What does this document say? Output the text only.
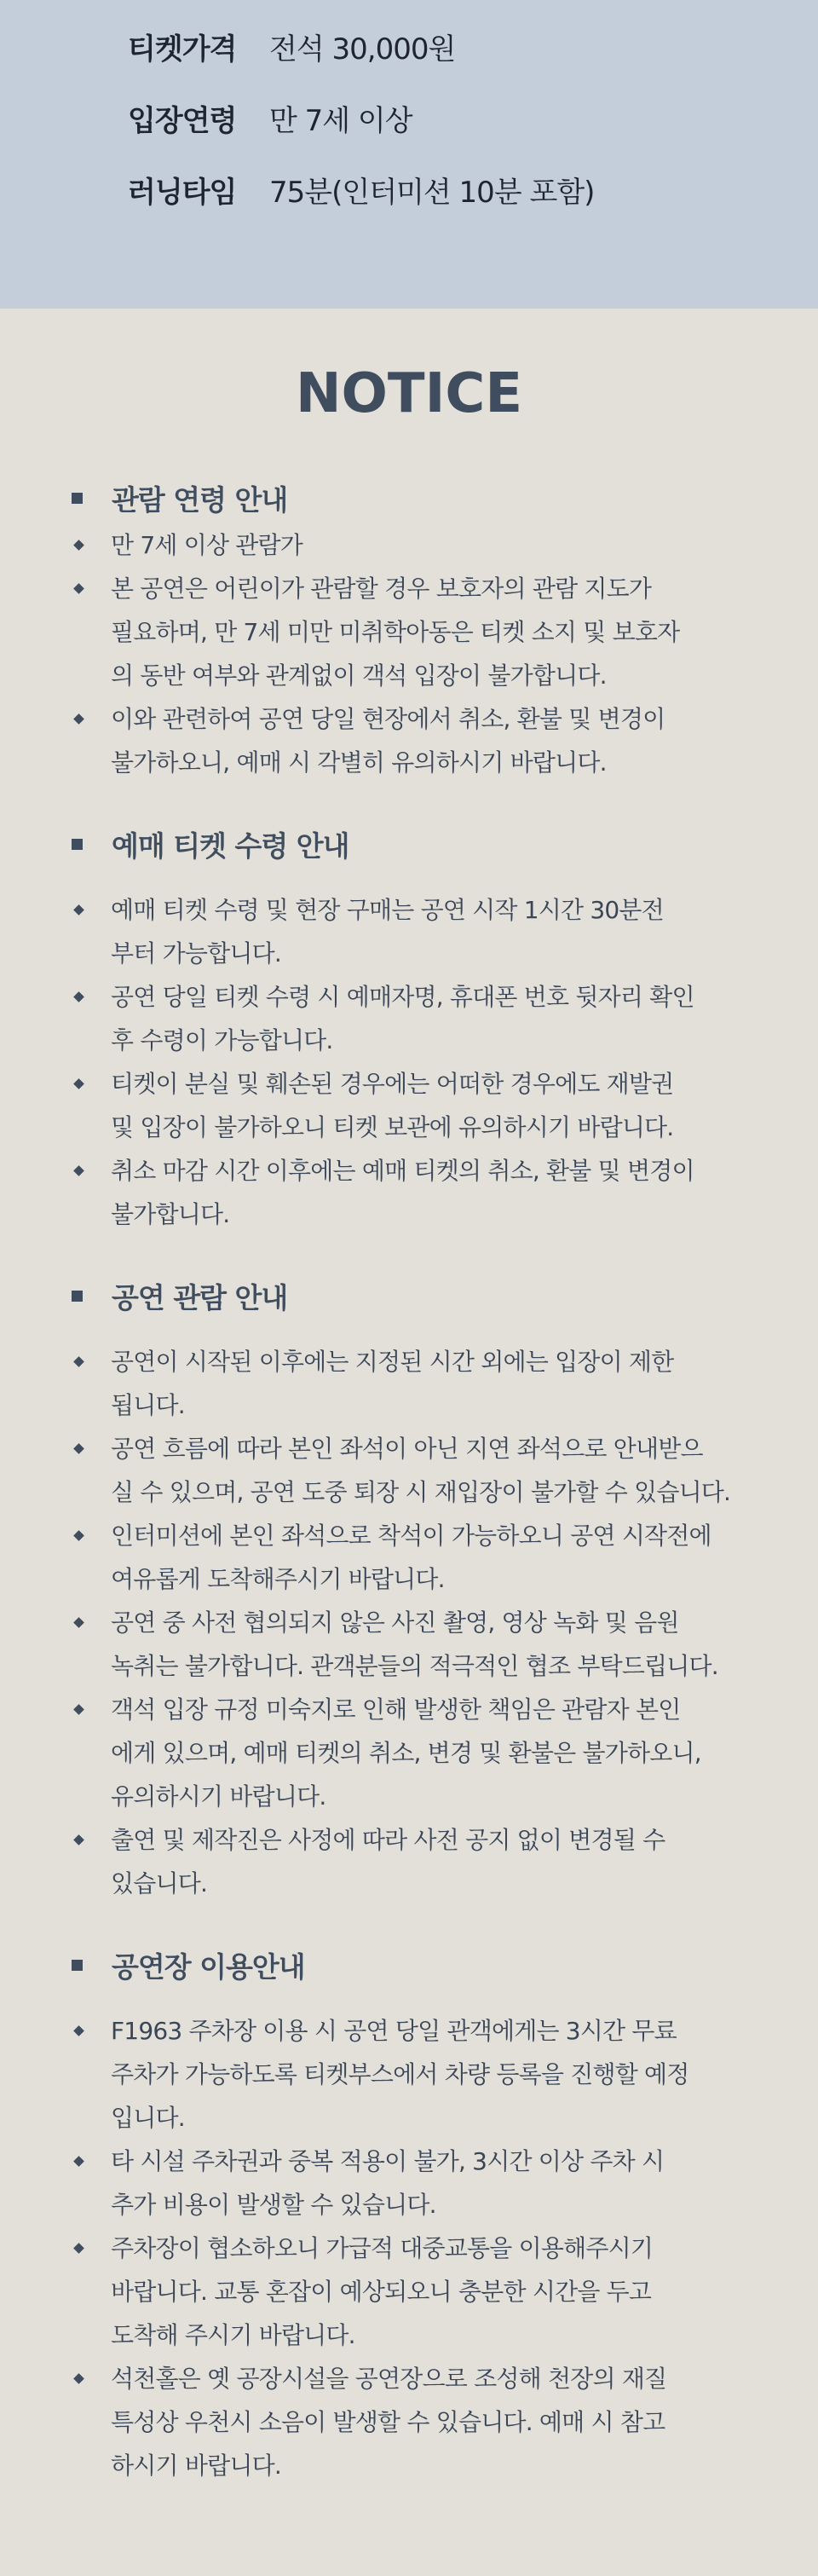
티켓가격	전석 30,000원
입장연령	만 7세 이상
러닝타임	75분(인터미션 10분 포함)
NOTICE
관람 연령 안내
만 7세 이상 관람가
본 공연은 어린이가 관람할 경우 보호자의 관람 지도가
필요하며, 만 7세 미만 미취학아동은 티켓 소지 및 보호자
의 동반 여부와 관계없이 객석 입장이 불가합니다.
이와 관련하여 공연 당일 현장에서 취소, 환불 및 변경이
불가하오니, 예매 시 각별히 유의하시기 바랍니다.
예매 티켓 수령 안내
예매 티켓 수령 및 현장 구매는 공연 시작 1시간 30분전
부터 가능합니다.
공연 당일 티켓 수령 시 예매자명, 휴대폰 번호 뒷자리 확인
후 수령이 가능합니다.
티켓이 분실 및 훼손된 경우에는 어떠한 경우에도 재발권
및 입장이 불가하오니 티켓 보관에 유의하시기 바랍니다.
취소 마감 시간 이후에는 예매 티켓의 취소, 환불 및 변경이
불가합니다.
공연 관람 안내
공연이 시작된 이후에는 지정된 시간 외에는 입장이 제한
됩니다.
공연 흐름에 따라 본인 좌석이 아닌 지연 좌석으로 안내받으
실 수 있으며, 공연 도중 퇴장 시 재입장이 불가할 수 있습니다.
인터미션에 본인 좌석으로 착석이 가능하오니 공연 시작전에
여유롭게 도착해주시기 바랍니다.
공연 중 사전 협의되지 않은 사진 촬영, 영상 녹화 및 음원
녹취는 불가합니다. 관객분들의 적극적인 협조 부탁드립니다.
객석 입장 규정 미숙지로 인해 발생한 책임은 관람자 본인
에게 있으며, 예매 티켓의 취소, 변경 및 환불은 불가하오니,
유의하시기 바랍니다.
출연 및 제작진은 사정에 따라 사전 공지 없이 변경될 수
있습니다.
공연장 이용안내
F1963 주차장 이용 시 공연 당일 관객에게는 3시간 무료
주차가 가능하도록 티켓부스에서 차량 등록을 진행할 예정
입니다.
타 시설 주차권과 중복 적용이 불가, 3시간 이상 주차 시
추가 비용이 발생할 수 있습니다.
주차장이 협소하오니 가급적 대중교통을 이용해주시기
바랍니다. 교통 혼잡이 예상되오니 충분한 시간을 두고
도착해 주시기 바랍니다.
석천홀은 옛 공장시설을 공연장으로 조성해 천장의 재질
특성상 우천시 소음이 발생할 수 있습니다. 예매 시 참고
하시기 바랍니다.
